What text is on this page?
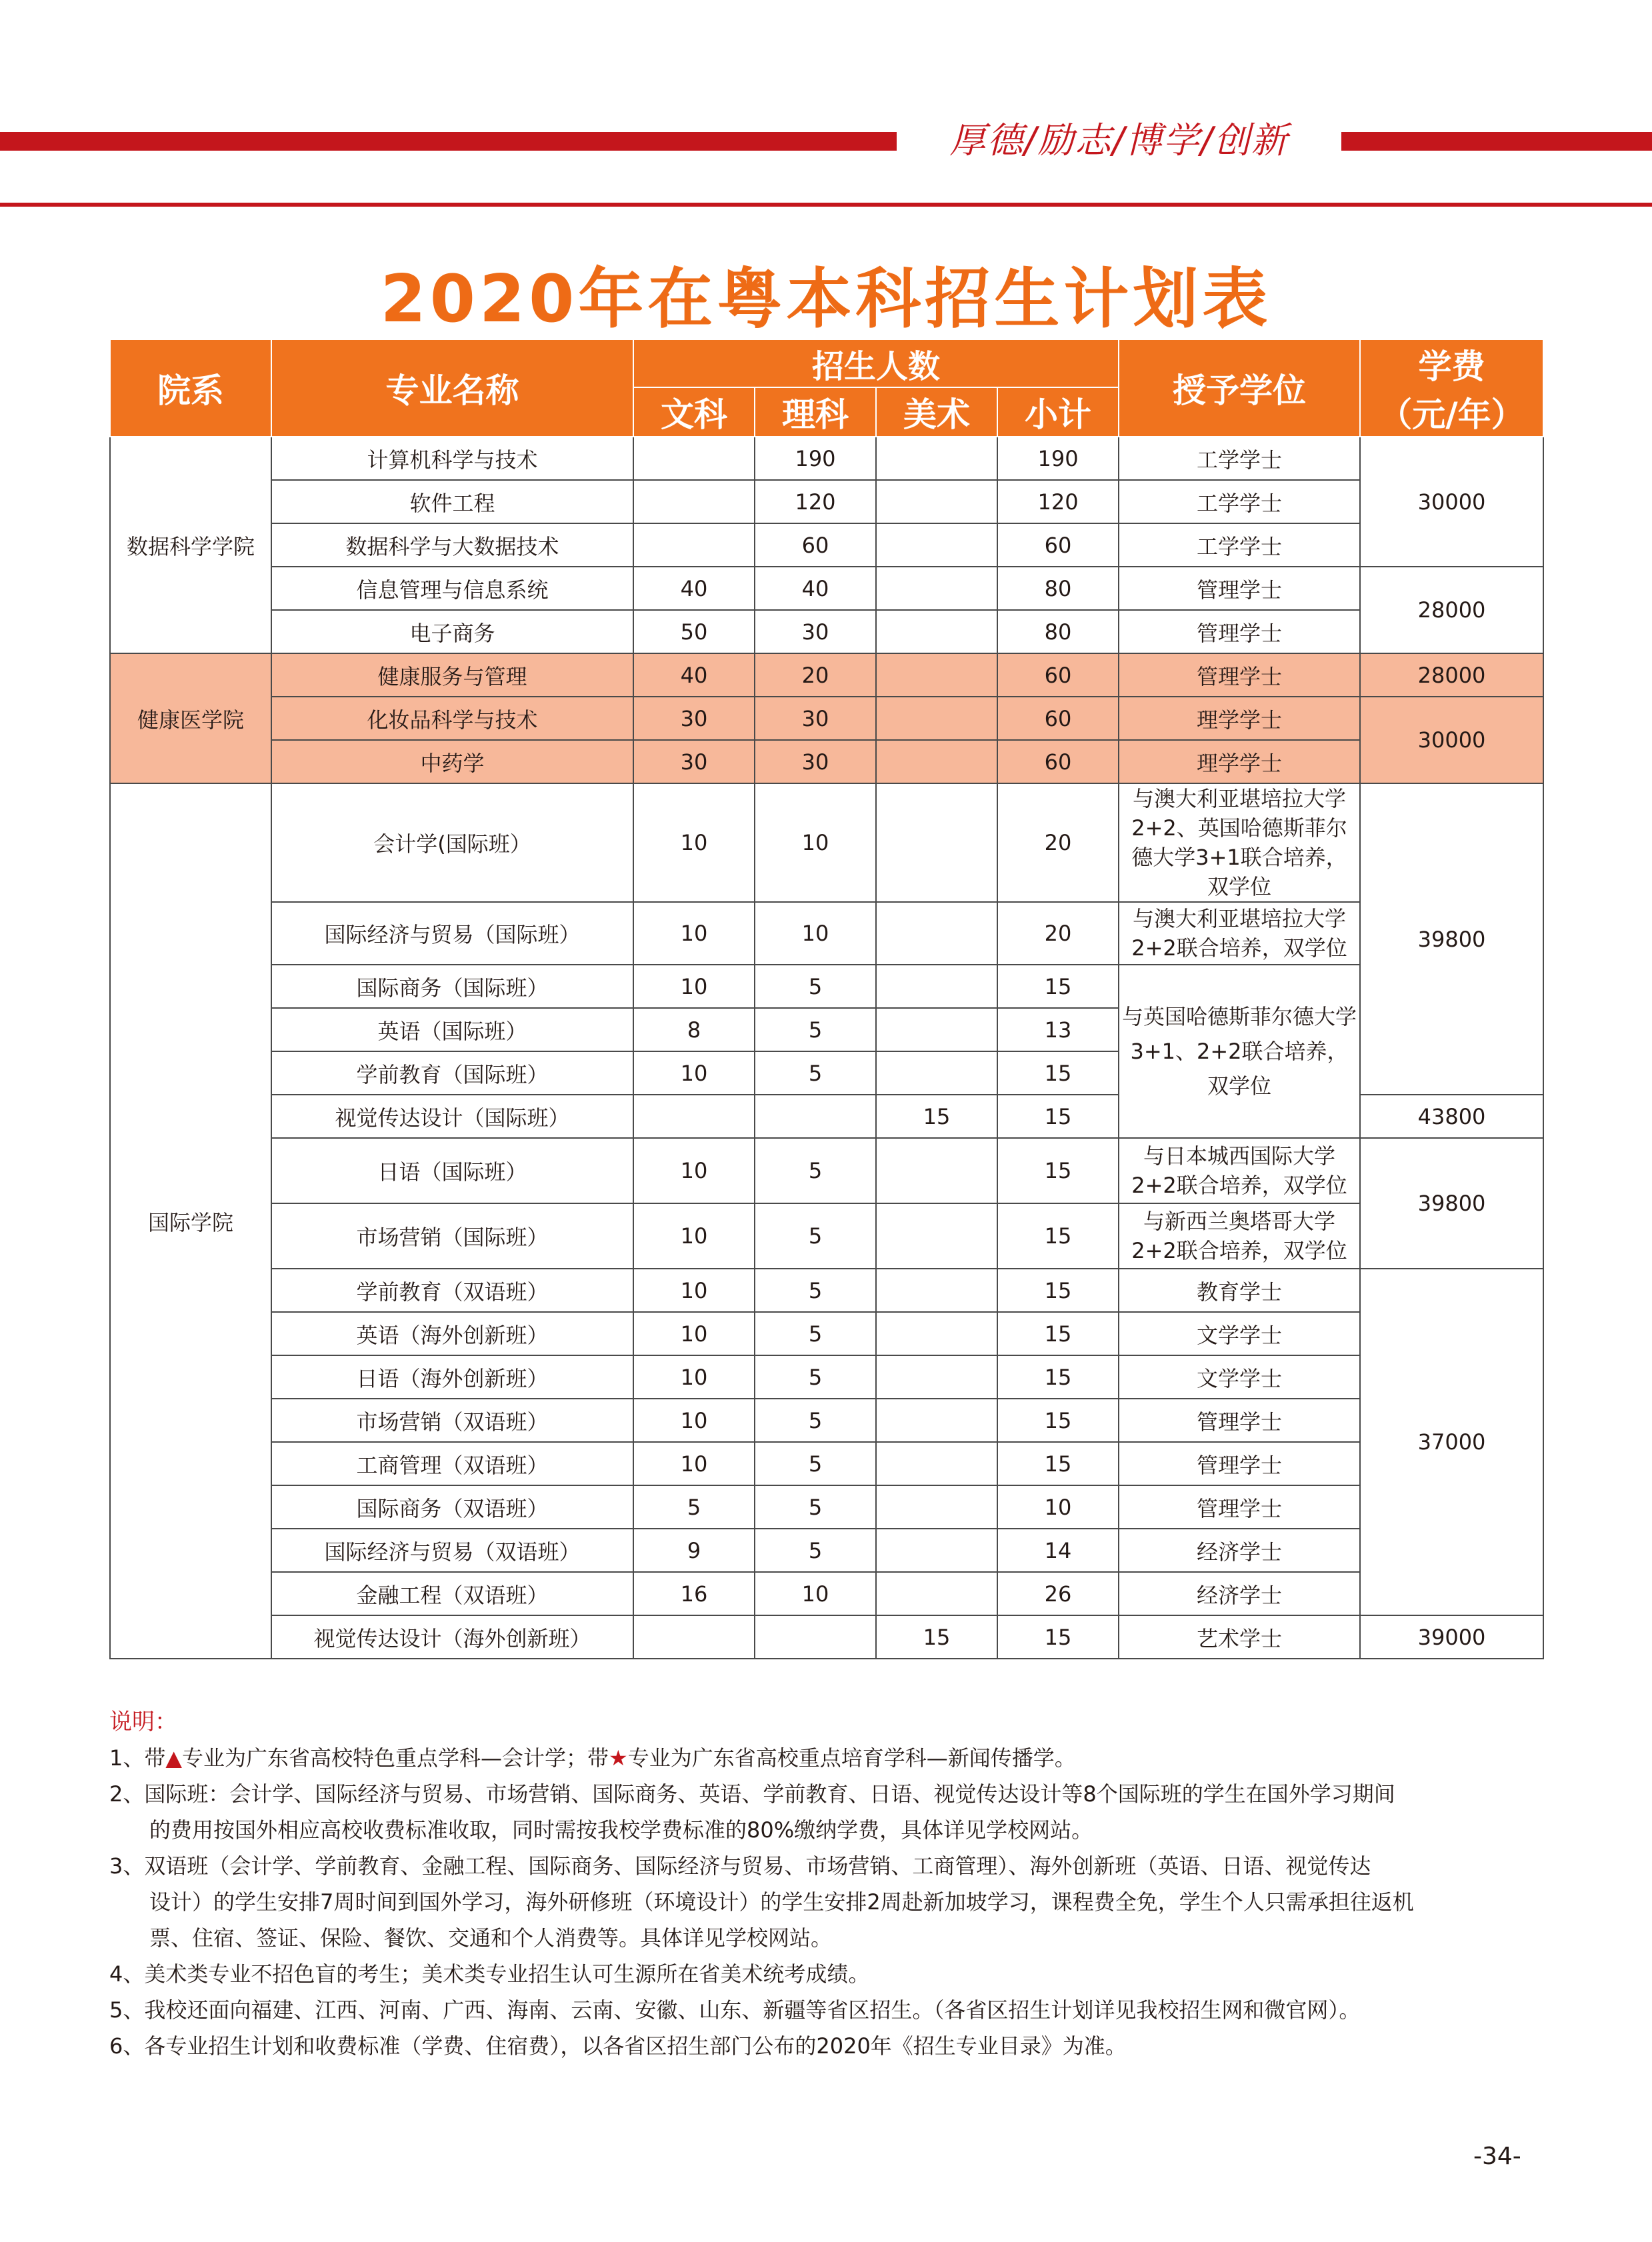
厚德/励志/博学/创新
2020年在粤本科招生计划表
院系	专业名称	招生人数				授予学位	学费
（元/年）

		文科	理科	美术	小计		
数据科学学院	计算机科学与技术		190		190	工学学士	30000
	软件工程		120		120	工学学士	
	数据科学与大数据技术		60		60	工学学士	
	信息管理与信息系统	40	40		80	管理学士	28000
	电子商务	50	30		80	管理学士	
健康医学院	健康服务与管理	40	20		60	管理学士	28000
	化妆品科学与技术	30	30		60	理学学士	30000
	中药学	30	30		60	理学学士	
国际学院	会计学(国际班）	10	10		20	与澳大利亚堪培拉大学2+2、英国哈德斯菲尔德大学3+1联合培养，双学位	39800
	国际经济与贸易（国际班）	10	10		20	与澳大利亚堪培拉大学2+2联合培养，双学位	
	国际商务（国际班）	10	5		15	与英国哈德斯菲尔德大学3+1、2+2联合培养，双学位	
	英语（国际班）	8	5		13		
	学前教育（国际班）	10	5		15		
	视觉传达设计（国际班）			15	15		43800
	日语（国际班）	10	5		15	与日本城西国际大学2+2联合培养，双学位	39800
	市场营销（国际班）	10	5		15	与新西兰奥塔哥大学2+2联合培养，双学位	
	学前教育（双语班）	10	5		15	教育学士	37000
	英语（海外创新班）	10	5		15	文学学士	
	日语（海外创新班）	10	5		15	文学学士	
	市场营销（双语班）	10	5		15	管理学士	
	工商管理（双语班）	10	5		15	管理学士	
	国际商务（双语班）	5	5		10	管理学士	
	国际经济与贸易（双语班）	9	5		14	经济学士	
	金融工程（双语班）	16	10		26	经济学士	
	视觉传达设计（海外创新班）			15	15	艺术学士	39000
说明：
1、带▲专业为广东省高校特色重点学科—会计学；带★专业为广东省高校重点培育学科—新闻传播学。
2、国际班：会计学、国际经济与贸易、市场营销、国际商务、英语、学前教育、日语、视觉传达设计等8个国际班的学生在国外学习期间
的费用按国外相应高校收费标准收取，同时需按我校学费标准的80%缴纳学费，具体详见学校网站。
3、双语班（会计学、学前教育、金融工程、国际商务、国际经济与贸易、市场营销、工商管理）、海外创新班（英语、日语、视觉传达
设计）的学生安排7周时间到国外学习，海外研修班（环境设计）的学生安排2周赴新加坡学习，课程费全免，学生个人只需承担往返机
票、住宿、签证、保险、餐饮、交通和个人消费等。具体详见学校网站。
4、美术类专业不招色盲的考生；美术类专业招生认可生源所在省美术统考成绩。
5、我校还面向福建、江西、河南、广西、海南、云南、安徽、山东、新疆等省区招生。（各省区招生计划详见我校招生网和微官网）。
6、各专业招生计划和收费标准（学费、住宿费），以各省区招生部门公布的2020年《招生专业目录》为准。
-34-
